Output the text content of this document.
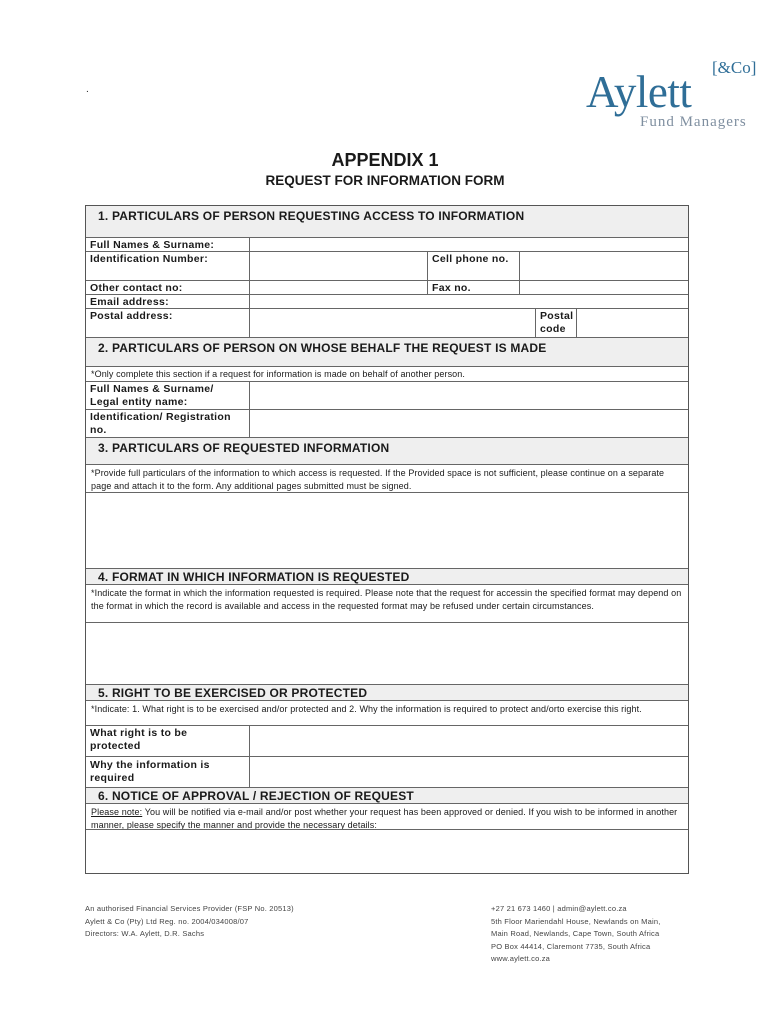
.	Aylett [&Co]
Fund Managers
APPENDIX 1
REQUEST FOR INFORMATION FORM
1. PARTICULARS OF PERSON REQUESTING ACCESS TO INFORMATION
Full Names & Surname:
Identification Number:	Cell phone no.
Other contact no:	Fax no.
Email address:
Postal address:	Postal code
2. PARTICULARS OF PERSON ON WHOSE BEHALF THE REQUEST IS MADE
*Only complete this section if a request for information is made on behalf of another person.
Full Names & Surname/ Legal entity name:
Identification/ Registration no.
3. PARTICULARS OF REQUESTED INFORMATION
*Provide full particulars of the information to which access is requested. If the Provided space is not sufficient, please continue on a separate page and attach it to the form. Any additional pages submitted must be signed.
4. FORMAT IN WHICH INFORMATION IS REQUESTED
*Indicate the format in which the information requested is required. Please note that the request for accessin the specified format may depend on the format in which the record is available and access in the requested format may be refused under certain circumstances.
5. RIGHT TO BE EXERCISED OR PROTECTED
*Indicate: 1. What right is to be exercised and/or protected and 2. Why the information is required to protect and/orto exercise this right.
What right is to be protected
Why the information is required
6. NOTICE OF APPROVAL / REJECTION OF REQUEST
Please note: You will be notified via e-mail and/or post whether your request has been approved or denied. If you wish to be informed in another manner, please specify the manner and provide the necessary details:
An authorised Financial Services Provider (FSP No. 20513)
Aylett & Co (Pty) Ltd Reg. no. 2004/034008/07
Directors: W.A. Aylett, D.R. Sachs
+27 21 673 1460 | admin@aylett.co.za
5th Floor Mariendahl House, Newlands on Main,
Main Road, Newlands, Cape Town, South Africa
PO Box 44414, Claremont 7735, South Africa
www.aylett.co.za
